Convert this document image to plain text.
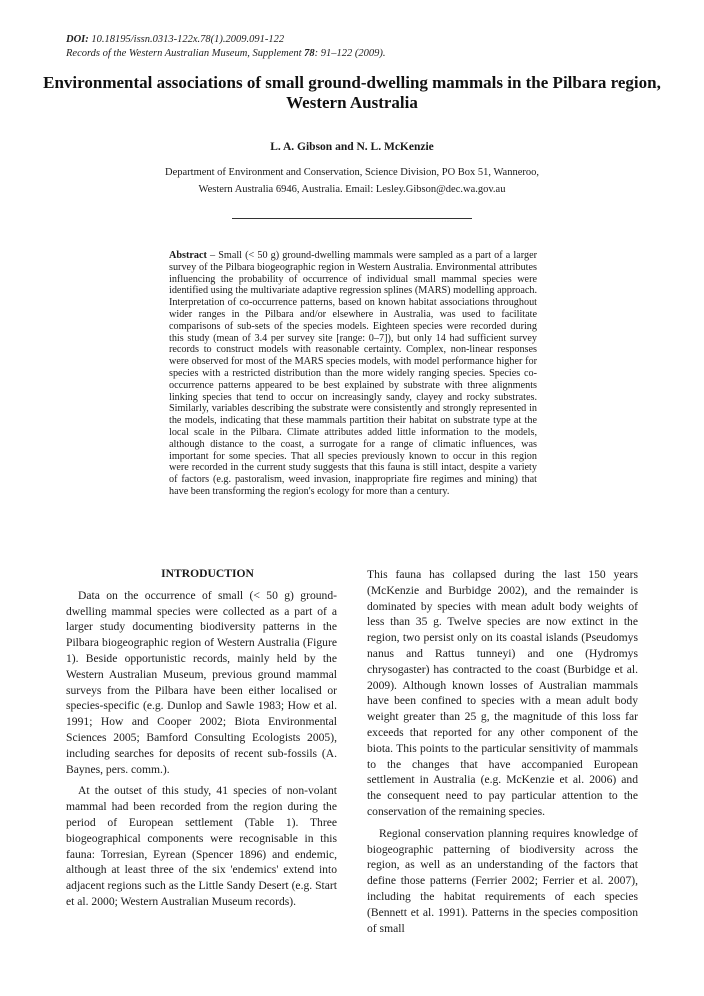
DOI: 10.18195/issn.0313-122x.78(1).2009.091-122
Records of the Western Australian Museum, Supplement 78: 91–122 (2009).
Environmental associations of small ground-dwelling mammals in the Pilbara region, Western Australia
L. A. Gibson and N. L. McKenzie
Department of Environment and Conservation, Science Division, PO Box 51, Wanneroo,
Western Australia 6946, Australia. Email: Lesley.Gibson@dec.wa.gov.au
Abstract – Small (< 50 g) ground-dwelling mammals were sampled as a part of a larger survey of the Pilbara biogeographic region in Western Australia. Environmental attributes influencing the probability of occurrence of individual small mammal species were identified using the multivariate adaptive regression splines (MARS) modelling approach. Interpretation of co-occurrence patterns, based on known habitat associations throughout wider ranges in the Pilbara and/or elsewhere in Australia, was used to facilitate comparisons of sub-sets of the species models. Eighteen species were recorded during this study (mean of 3.4 per survey site [range: 0–7]), but only 14 had sufficient survey records to construct models with reasonable certainty. Complex, non-linear responses were observed for most of the MARS species models, with model performance higher for species with a restricted distribution than the more widely ranging species. Species co-occurrence patterns appeared to be best explained by substrate with three alignments linking species that tend to occur on increasingly sandy, clayey and rocky substrates. Similarly, variables describing the substrate were consistently and strongly represented in the models, indicating that these mammals partition their habitat on substrate type at the local scale in the Pilbara. Climate attributes added little information to the models, although distance to the coast, a surrogate for a range of climatic influences, was important for some species. That all species previously known to occur in this region were recorded in the current study suggests that this fauna is still intact, despite a variety of factors (e.g. pastoralism, weed invasion, inappropriate fire regimes and mining) that have been transforming the region's ecology for more than a century.

INTRODUCTION

Data on the occurrence of small (< 50 g) ground-dwelling mammal species were collected as a part of a larger study documenting biodiversity patterns in the Pilbara biogeographic region of Western Australia (Figure 1). Beside opportunistic records, mainly held by the Western Australian Museum, previous ground mammal surveys from the Pilbara have been either localised or species-specific (e.g. Dunlop and Sawle 1983; How et al. 1991; How and Cooper 2002; Biota Environmental Sciences 2005; Bamford Consulting Ecologists 2005), including searches for deposits of recent sub-fossils (A. Baynes, pers. comm.).

At the outset of this study, 41 species of non-volant mammal had been recorded from the region during the period of European settlement (Table 1). Three biogeographical components were recognisable in this fauna: Torresian, Eyrean (Spencer 1896) and endemic, although at least three of the six 'endemics' extend into adjacent regions such as the Little Sandy Desert (e.g. Start et al. 2000; Western Australian Museum records).

This fauna has collapsed during the last 150 years (McKenzie and Burbidge 2002), and the remainder is dominated by species with mean adult body weights of less than 35 g. Twelve species are now extinct in the region, two persist only on its coastal islands (Pseudomys nanus and Rattus tunneyi) and one (Hydromys chrysogaster) has contracted to the coast (Burbidge et al. 2009). Although known losses of Australian mammals have been confined to species with a mean adult body weight greater than 25 g, the magnitude of this loss far exceeds that reported for any other component of the biota. This points to the particular sensitivity of mammals to the changes that have accompanied European settlement in Australia (e.g. McKenzie et al. 2006) and the consequent need to pay particular attention to the conservation of the remaining species.

Regional conservation planning requires knowledge of biogeographic patterning of biodiversity across the region, as well as an understanding of the factors that define those patterns (Ferrier 2002; Ferrier et al. 2007), including the habitat requirements of each species (Bennett et al. 1991). Patterns in the species composition of small
